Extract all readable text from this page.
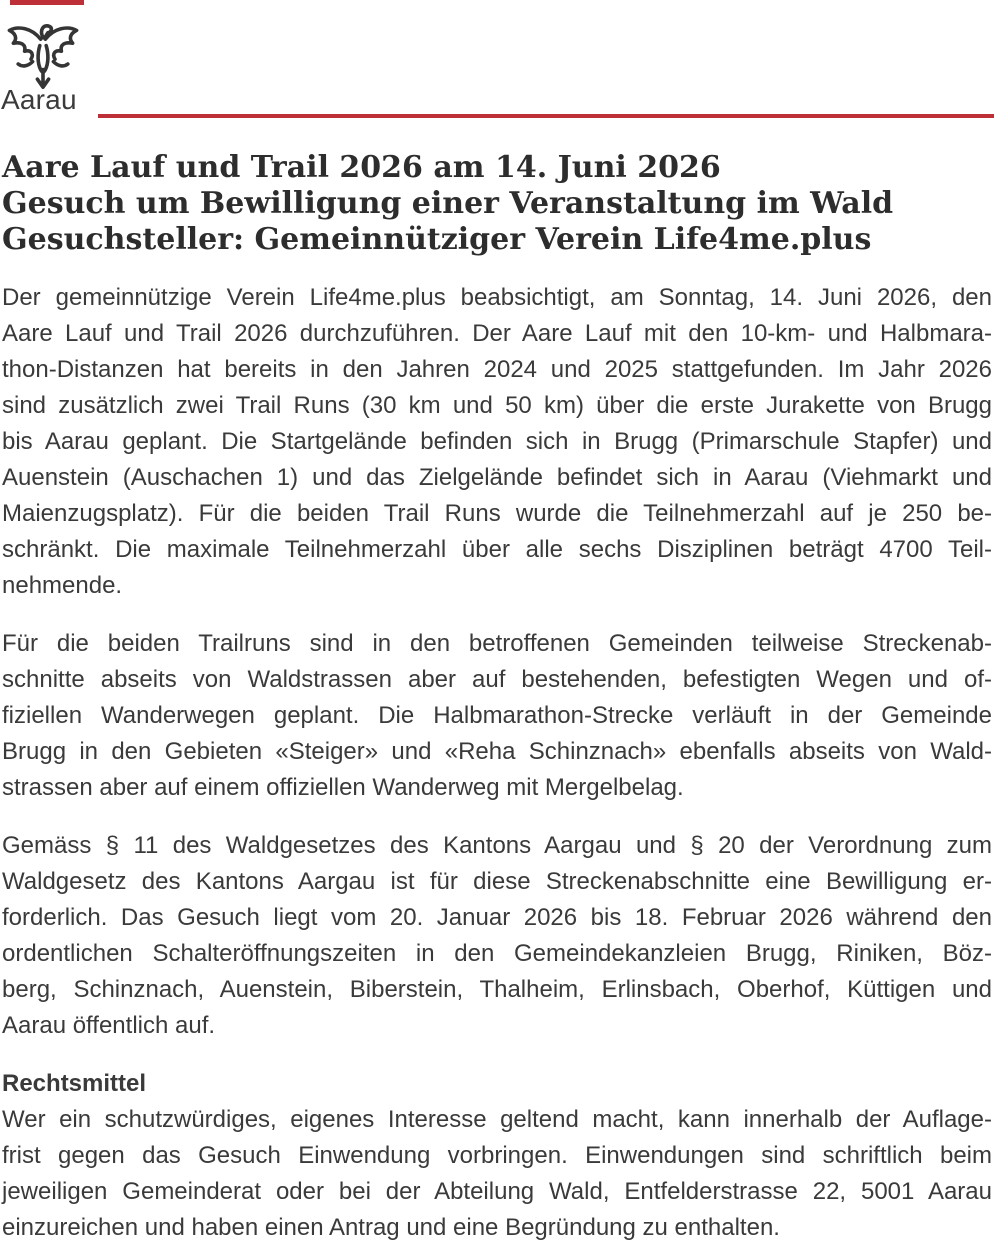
Aarau
Aare Lauf und Trail 2026 am 14. Juni 2026
Gesuch um Bewilligung einer Veranstaltung im Wald
Gesuchsteller: Gemeinnütziger Verein Life4me.plus
Der gemeinnützige Verein Life4me.plus beabsichtigt, am Sonntag, 14. Juni 2026, den
Aare Lauf und Trail 2026 durchzuführen. Der Aare Lauf mit den 10-km- und Halbmara-
thon-Distanzen hat bereits in den Jahren 2024 und 2025 stattgefunden. Im Jahr 2026
sind zusätzlich zwei Trail Runs (30 km und 50 km) über die erste Jurakette von Brugg
bis Aarau geplant. Die Startgelände befinden sich in Brugg (Primarschule Stapfer) und
Auenstein (Auschachen 1) und das Zielgelände befindet sich in Aarau (Viehmarkt und
Maienzugsplatz). Für die beiden Trail Runs wurde die Teilnehmerzahl auf je 250 be-
schränkt. Die maximale Teilnehmerzahl über alle sechs Disziplinen beträgt 4700 Teil-
nehmende.
Für die beiden Trailruns sind in den betroffenen Gemeinden teilweise Streckenab-
schnitte abseits von Waldstrassen aber auf bestehenden, befestigten Wegen und of-
fiziellen Wanderwegen geplant. Die Halbmarathon-Strecke verläuft in der Gemeinde
Brugg in den Gebieten «Steiger» und «Reha Schinznach» ebenfalls abseits von Wald-
strassen aber auf einem offiziellen Wanderweg mit Mergelbelag.
Gemäss § 11 des Waldgesetzes des Kantons Aargau und § 20 der Verordnung zum
Waldgesetz des Kantons Aargau ist für diese Streckenabschnitte eine Bewilligung er-
forderlich. Das Gesuch liegt vom 20. Januar 2026 bis 18. Februar 2026 während den
ordentlichen Schalteröffnungszeiten in den Gemeindekanzleien Brugg, Riniken, Böz-
berg, Schinznach, Auenstein, Biberstein, Thalheim, Erlinsbach, Oberhof, Küttigen und
Aarau öffentlich auf.
Rechtsmittel
Wer ein schutzwürdiges, eigenes Interesse geltend macht, kann innerhalb der Auflage-
frist gegen das Gesuch Einwendung vorbringen. Einwendungen sind schriftlich beim
jeweiligen Gemeinderat oder bei der Abteilung Wald, Entfelderstrasse 22, 5001 Aarau
einzureichen und haben einen Antrag und eine Begründung zu enthalten.
